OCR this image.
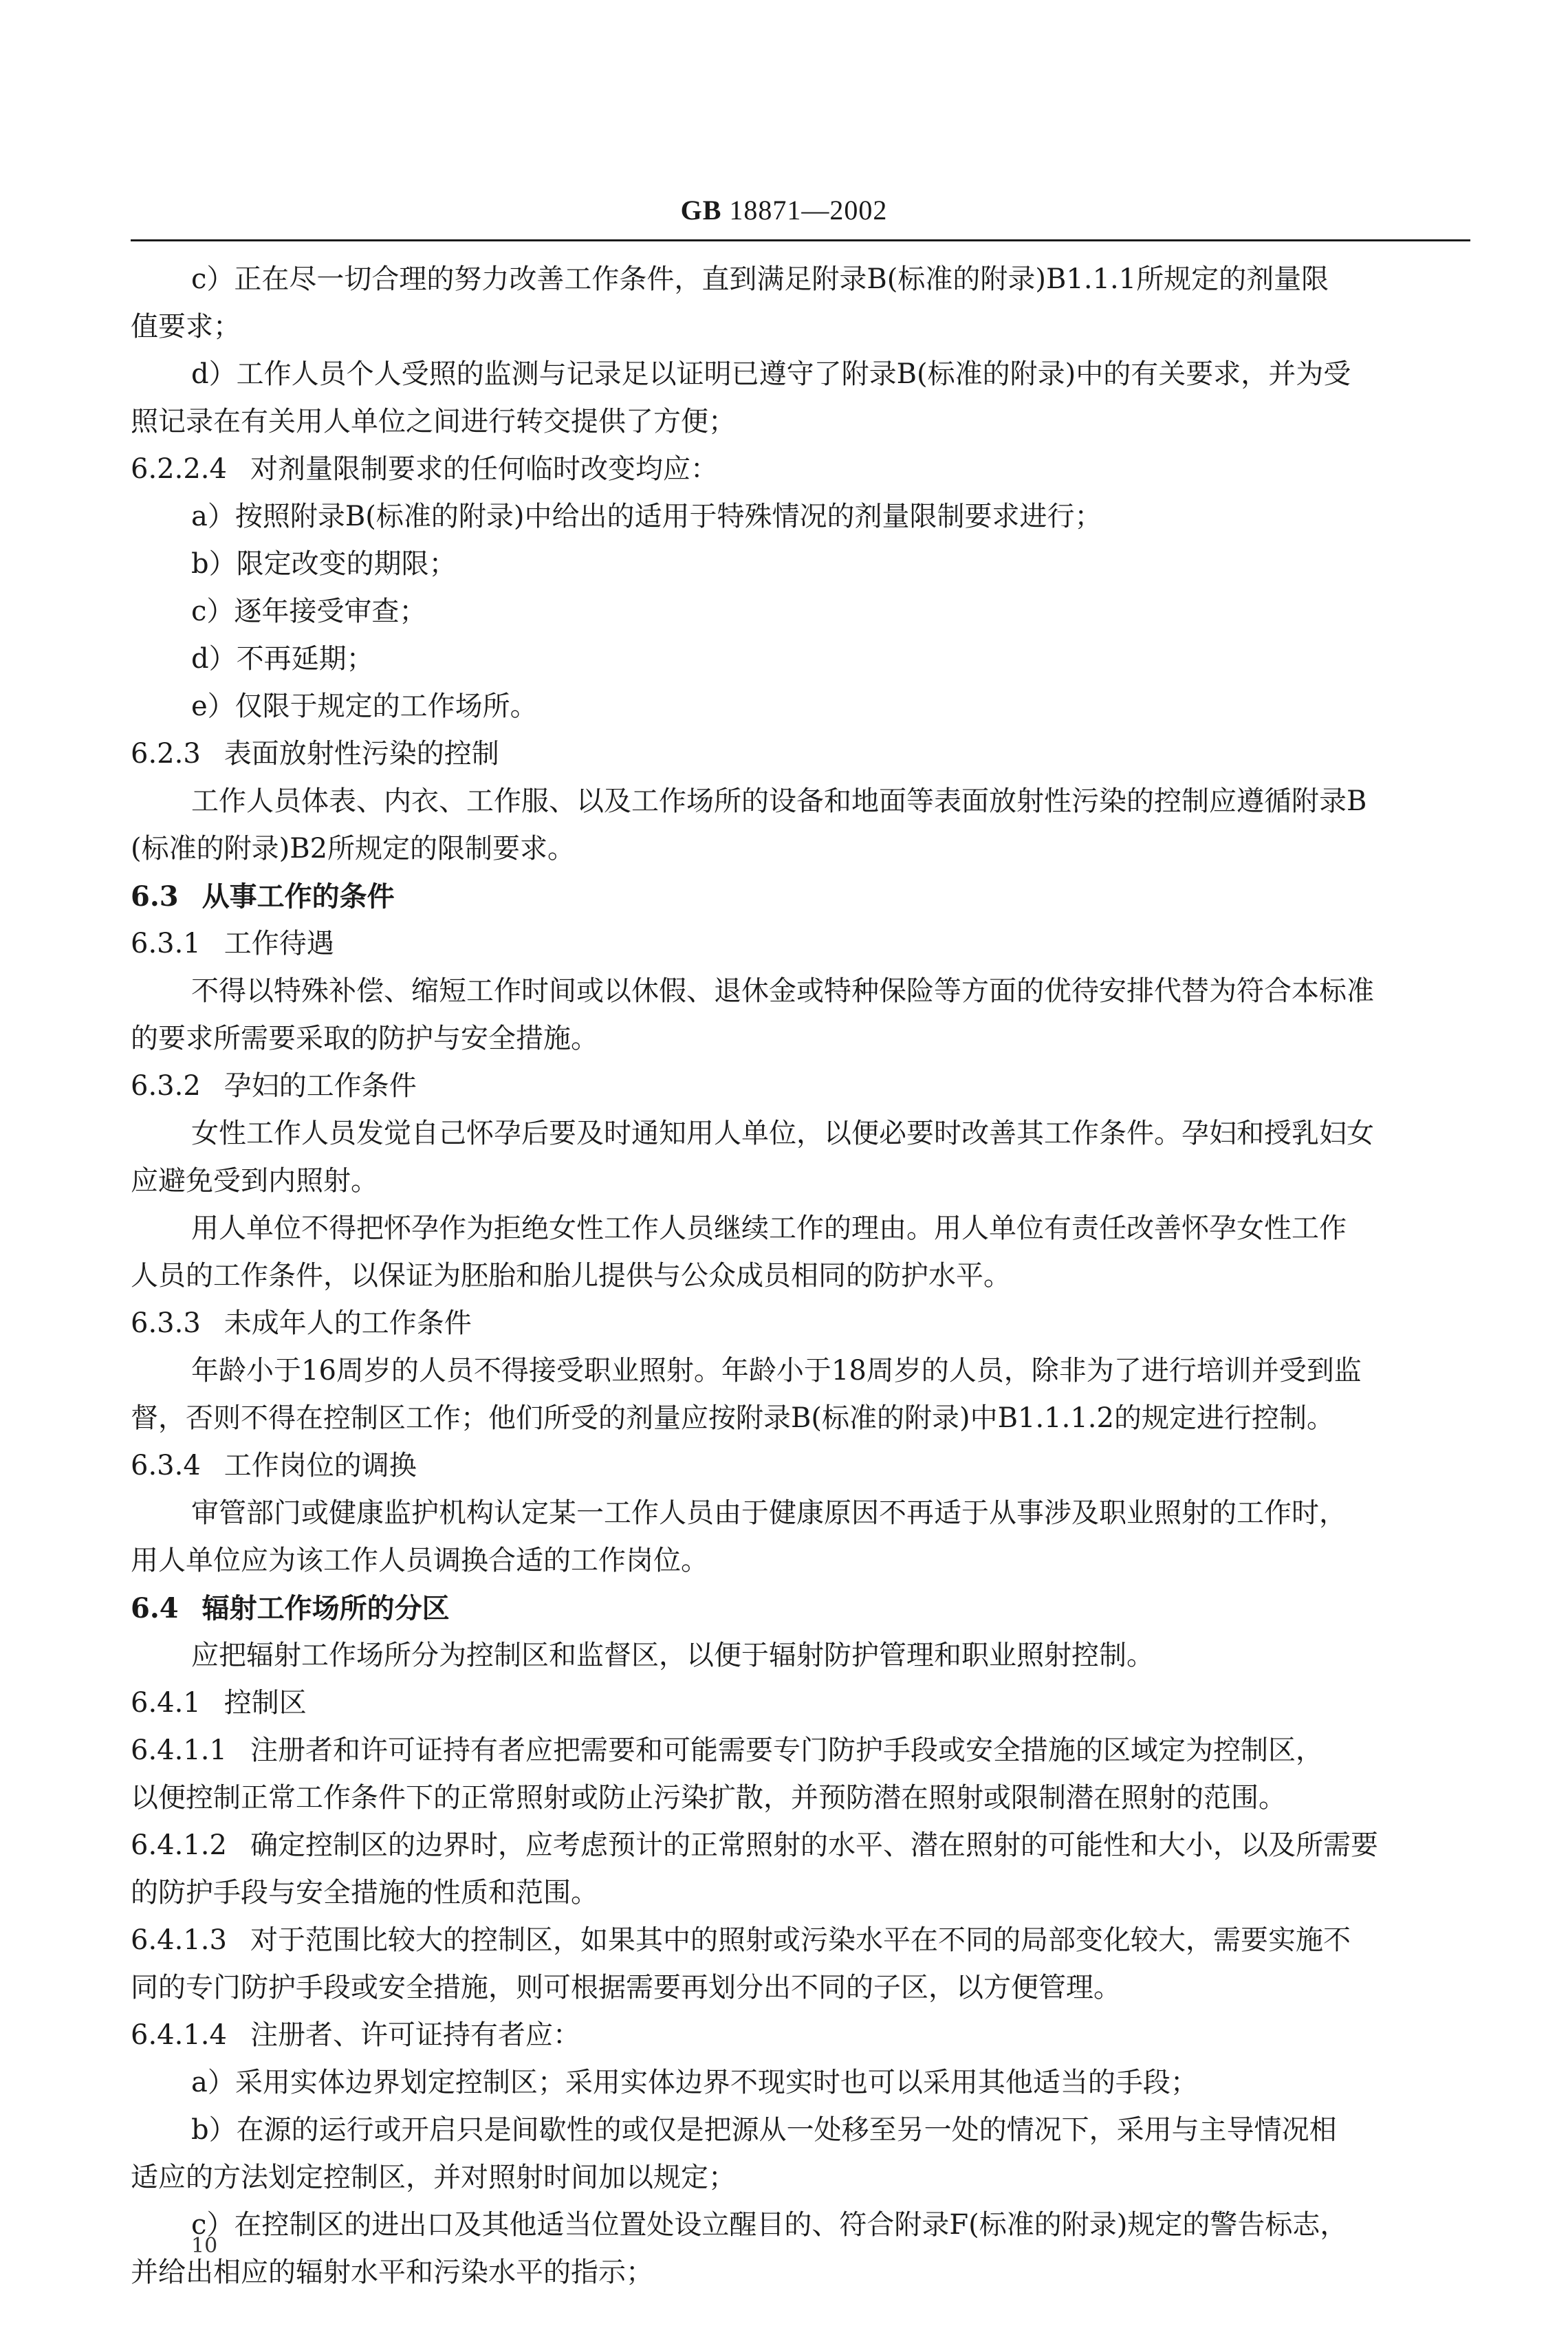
GB 18871—2002
c）正在尽一切合理的努力改善工作条件，直到满足附录B(标准的附录)B1.1.1所规定的剂量限
值要求；
d）工作人员个人受照的监测与记录足以证明已遵守了附录B(标准的附录)中的有关要求，并为受
照记录在有关用人单位之间进行转交提供了方便；
6.2.2.4 对剂量限制要求的任何临时改变均应：
a）按照附录B(标准的附录)中给出的适用于特殊情况的剂量限制要求进行；
b）限定改变的期限；
c）逐年接受审查；
d）不再延期；
e）仅限于规定的工作场所。
6.2.3 表面放射性污染的控制
工作人员体表、内衣、工作服、以及工作场所的设备和地面等表面放射性污染的控制应遵循附录B
(标准的附录)B2所规定的限制要求。
6.3 从事工作的条件
6.3.1 工作待遇
不得以特殊补偿、缩短工作时间或以休假、退休金或特种保险等方面的优待安排代替为符合本标准
的要求所需要采取的防护与安全措施。
6.3.2 孕妇的工作条件
女性工作人员发觉自己怀孕后要及时通知用人单位，以便必要时改善其工作条件。孕妇和授乳妇女
应避免受到内照射。
用人单位不得把怀孕作为拒绝女性工作人员继续工作的理由。用人单位有责任改善怀孕女性工作
人员的工作条件，以保证为胚胎和胎儿提供与公众成员相同的防护水平。
6.3.3 未成年人的工作条件
年龄小于16周岁的人员不得接受职业照射。年龄小于18周岁的人员，除非为了进行培训并受到监
督，否则不得在控制区工作；他们所受的剂量应按附录B(标准的附录)中B1.1.1.2的规定进行控制。
6.3.4 工作岗位的调换
审管部门或健康监护机构认定某一工作人员由于健康原因不再适于从事涉及职业照射的工作时，
用人单位应为该工作人员调换合适的工作岗位。
6.4 辐射工作场所的分区
应把辐射工作场所分为控制区和监督区，以便于辐射防护管理和职业照射控制。
6.4.1 控制区
6.4.1.1 注册者和许可证持有者应把需要和可能需要专门防护手段或安全措施的区域定为控制区，
以便控制正常工作条件下的正常照射或防止污染扩散，并预防潜在照射或限制潜在照射的范围。
6.4.1.2 确定控制区的边界时，应考虑预计的正常照射的水平、潜在照射的可能性和大小，以及所需要
的防护手段与安全措施的性质和范围。
6.4.1.3 对于范围比较大的控制区，如果其中的照射或污染水平在不同的局部变化较大，需要实施不
同的专门防护手段或安全措施，则可根据需要再划分出不同的子区，以方便管理。
6.4.1.4 注册者、许可证持有者应：
a）采用实体边界划定控制区；采用实体边界不现实时也可以采用其他适当的手段；
b）在源的运行或开启只是间歇性的或仅是把源从一处移至另一处的情况下，采用与主导情况相
适应的方法划定控制区，并对照射时间加以规定；
c）在控制区的进出口及其他适当位置处设立醒目的、符合附录F(标准的附录)规定的警告标志，
并给出相应的辐射水平和污染水平的指示；
10
